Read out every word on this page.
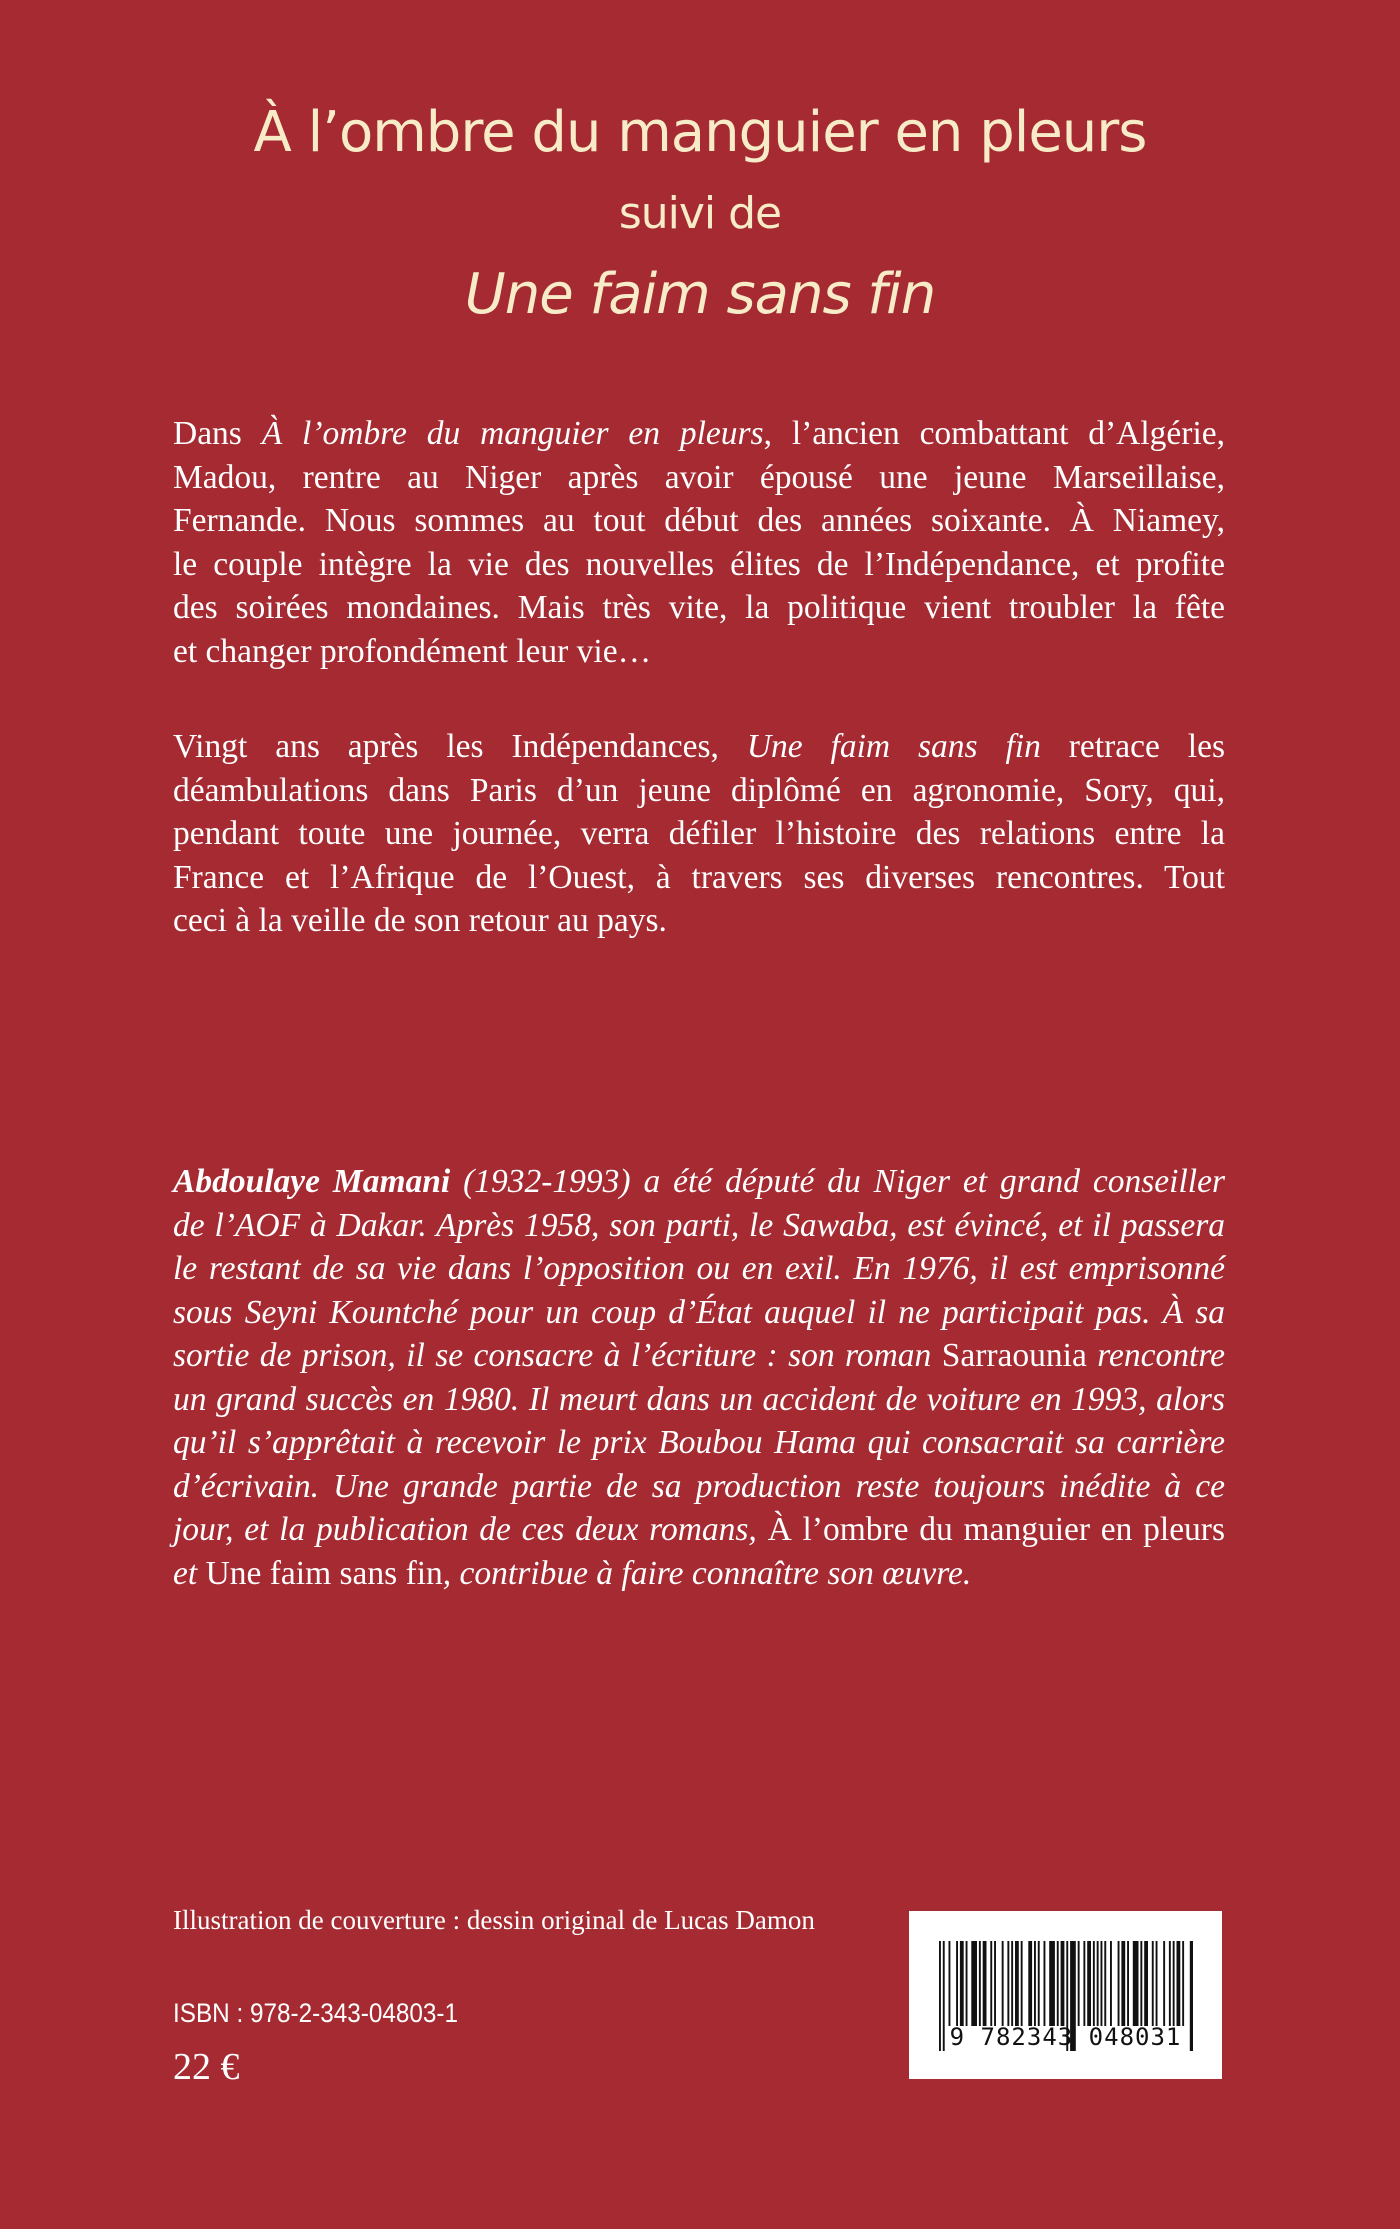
À l’ombre du manguier en pleurs
suivi de
Une faim sans fin
Dans À l’ombre du manguier en pleurs, l’ancien combattant d’Algérie,
Madou, rentre au Niger après avoir épousé une jeune Marseillaise,
Fernande. Nous sommes au tout début des années soixante. À Niamey,
le couple intègre la vie des nouvelles élites de l’Indépendance, et profite
des soirées mondaines. Mais très vite, la politique vient troubler la fête
et changer profondément leur vie…
Vingt ans après les Indépendances, Une faim sans fin retrace les
déambulations dans Paris d’un jeune diplômé en agronomie, Sory, qui,
pendant toute une journée, verra défiler l’histoire des relations entre la
France et l’Afrique de l’Ouest, à travers ses diverses rencontres. Tout
ceci à la veille de son retour au pays.
Abdoulaye Mamani (1932-1993) a été député du Niger et grand conseiller
de l’AOF à Dakar. Après 1958, son parti, le Sawaba, est évincé, et il passera
le restant de sa vie dans l’opposition ou en exil. En 1976, il est emprisonné
sous Seyni Kountché pour un coup d’État auquel il ne participait pas. À sa
sortie de prison, il se consacre à l’écriture : son roman Sarraounia rencontre
un grand succès en 1980. Il meurt dans un accident de voiture en 1993, alors
qu’il s’apprêtait à recevoir le prix Boubou Hama qui consacrait sa carrière
d’écrivain. Une grande partie de sa production reste toujours inédite à ce
jour, et la publication de ces deux romans, À l’ombre du manguier en pleurs
et Une faim sans fin, contribue à faire connaître son œuvre.
Illustration de couverture : dessin original de Lucas Damon
ISBN : 978-2-343-04803-1
22 €
9 782343 048031
